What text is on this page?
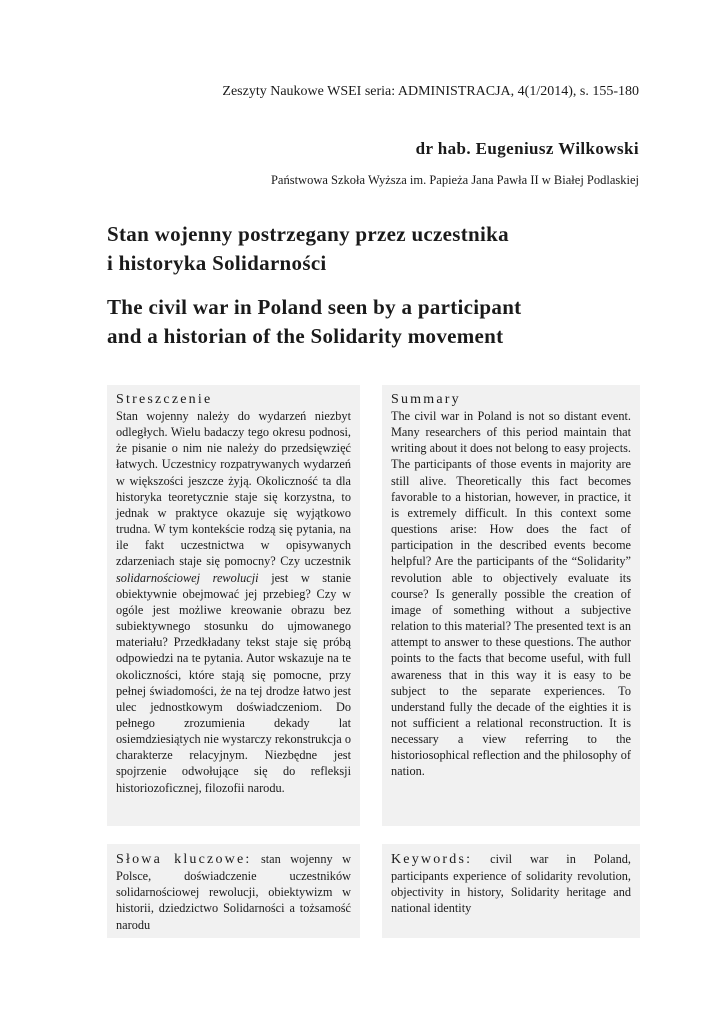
Zeszyty Naukowe WSEI seria: ADMINISTRACJA, 4(1/2014), s. 155-180
dr hab. Eugeniusz Wilkowski
Państwowa Szkoła Wyższa im. Papieża Jana Pawła II w Białej Podlaskiej
Stan wojenny postrzegany przez uczestnika
i historyka Solidarności
The civil war in Poland seen by a participant
and a historian of the Solidarity movement
Streszczenie
Stan wojenny należy do wydarzeń niezbyt odległych. Wielu badaczy tego okresu podnosi, że pisanie o nim nie należy do przedsięwzięć łatwych. Uczestnicy rozpatrywanych wydarzeń w większości jeszcze żyją. Okoliczność ta dla historyka teoretycznie staje się korzystna, to jednak w praktyce okazuje się wyjątkowo trudna. W tym kontekście rodzą się pytania, na ile fakt uczestnictwa w opisywanych zdarzeniach staje się pomocny? Czy uczestnik solidarnościowej rewolucji jest w stanie obiektywnie obejmować jej przebieg? Czy w ogóle jest możliwe kreowanie obrazu bez subiektywnego stosunku do ujmowanego materiału? Przedkładany tekst staje się próbą odpowiedzi na te pytania. Autor wskazuje na te okoliczności, które stają się pomocne, przy pełnej świadomości, że na tej drodze łatwo jest ulec jednostkowym doświadczeniom. Do pełnego zrozumienia dekady lat osiemdziesiątych nie wystarczy rekonstrukcja o charakterze relacyjnym. Niezbędne jest spojrzenie odwołujące się do refleksji historiozoficznej, filozofii narodu.
Summary
The civil war in Poland is not so distant event. Many researchers of this period maintain that writing about it does not belong to easy projects. The participants of those events in majority are still alive. Theoretically this fact becomes favorable to a historian, however, in practice, it is extremely difficult. In this context some questions arise: How does the fact of participation in the described events become helpful? Are the participants of the “Solidarity” revolution able to objectively evaluate its course? Is generally possible the creation of image of something without a subjective relation to this material? The presented text is an attempt to answer to these questions. The author points to the facts that become useful, with full awareness that in this way it is easy to be subject to the separate experiences. To understand fully the decade of the eighties it is not sufficient a relational reconstruction. It is necessary a view referring to the historiosophical reflection and the philosophy of nation.
Słowa kluczowe: stan wojenny w Polsce, doświadczenie uczestników solidarnościowej rewolucji, obiektywizm w historii, dziedzictwo Solidarności a tożsamość narodu
Keywords: civil war in Poland, participants experience of solidarity revolution, objectivity in history, Solidarity heritage and national identity
